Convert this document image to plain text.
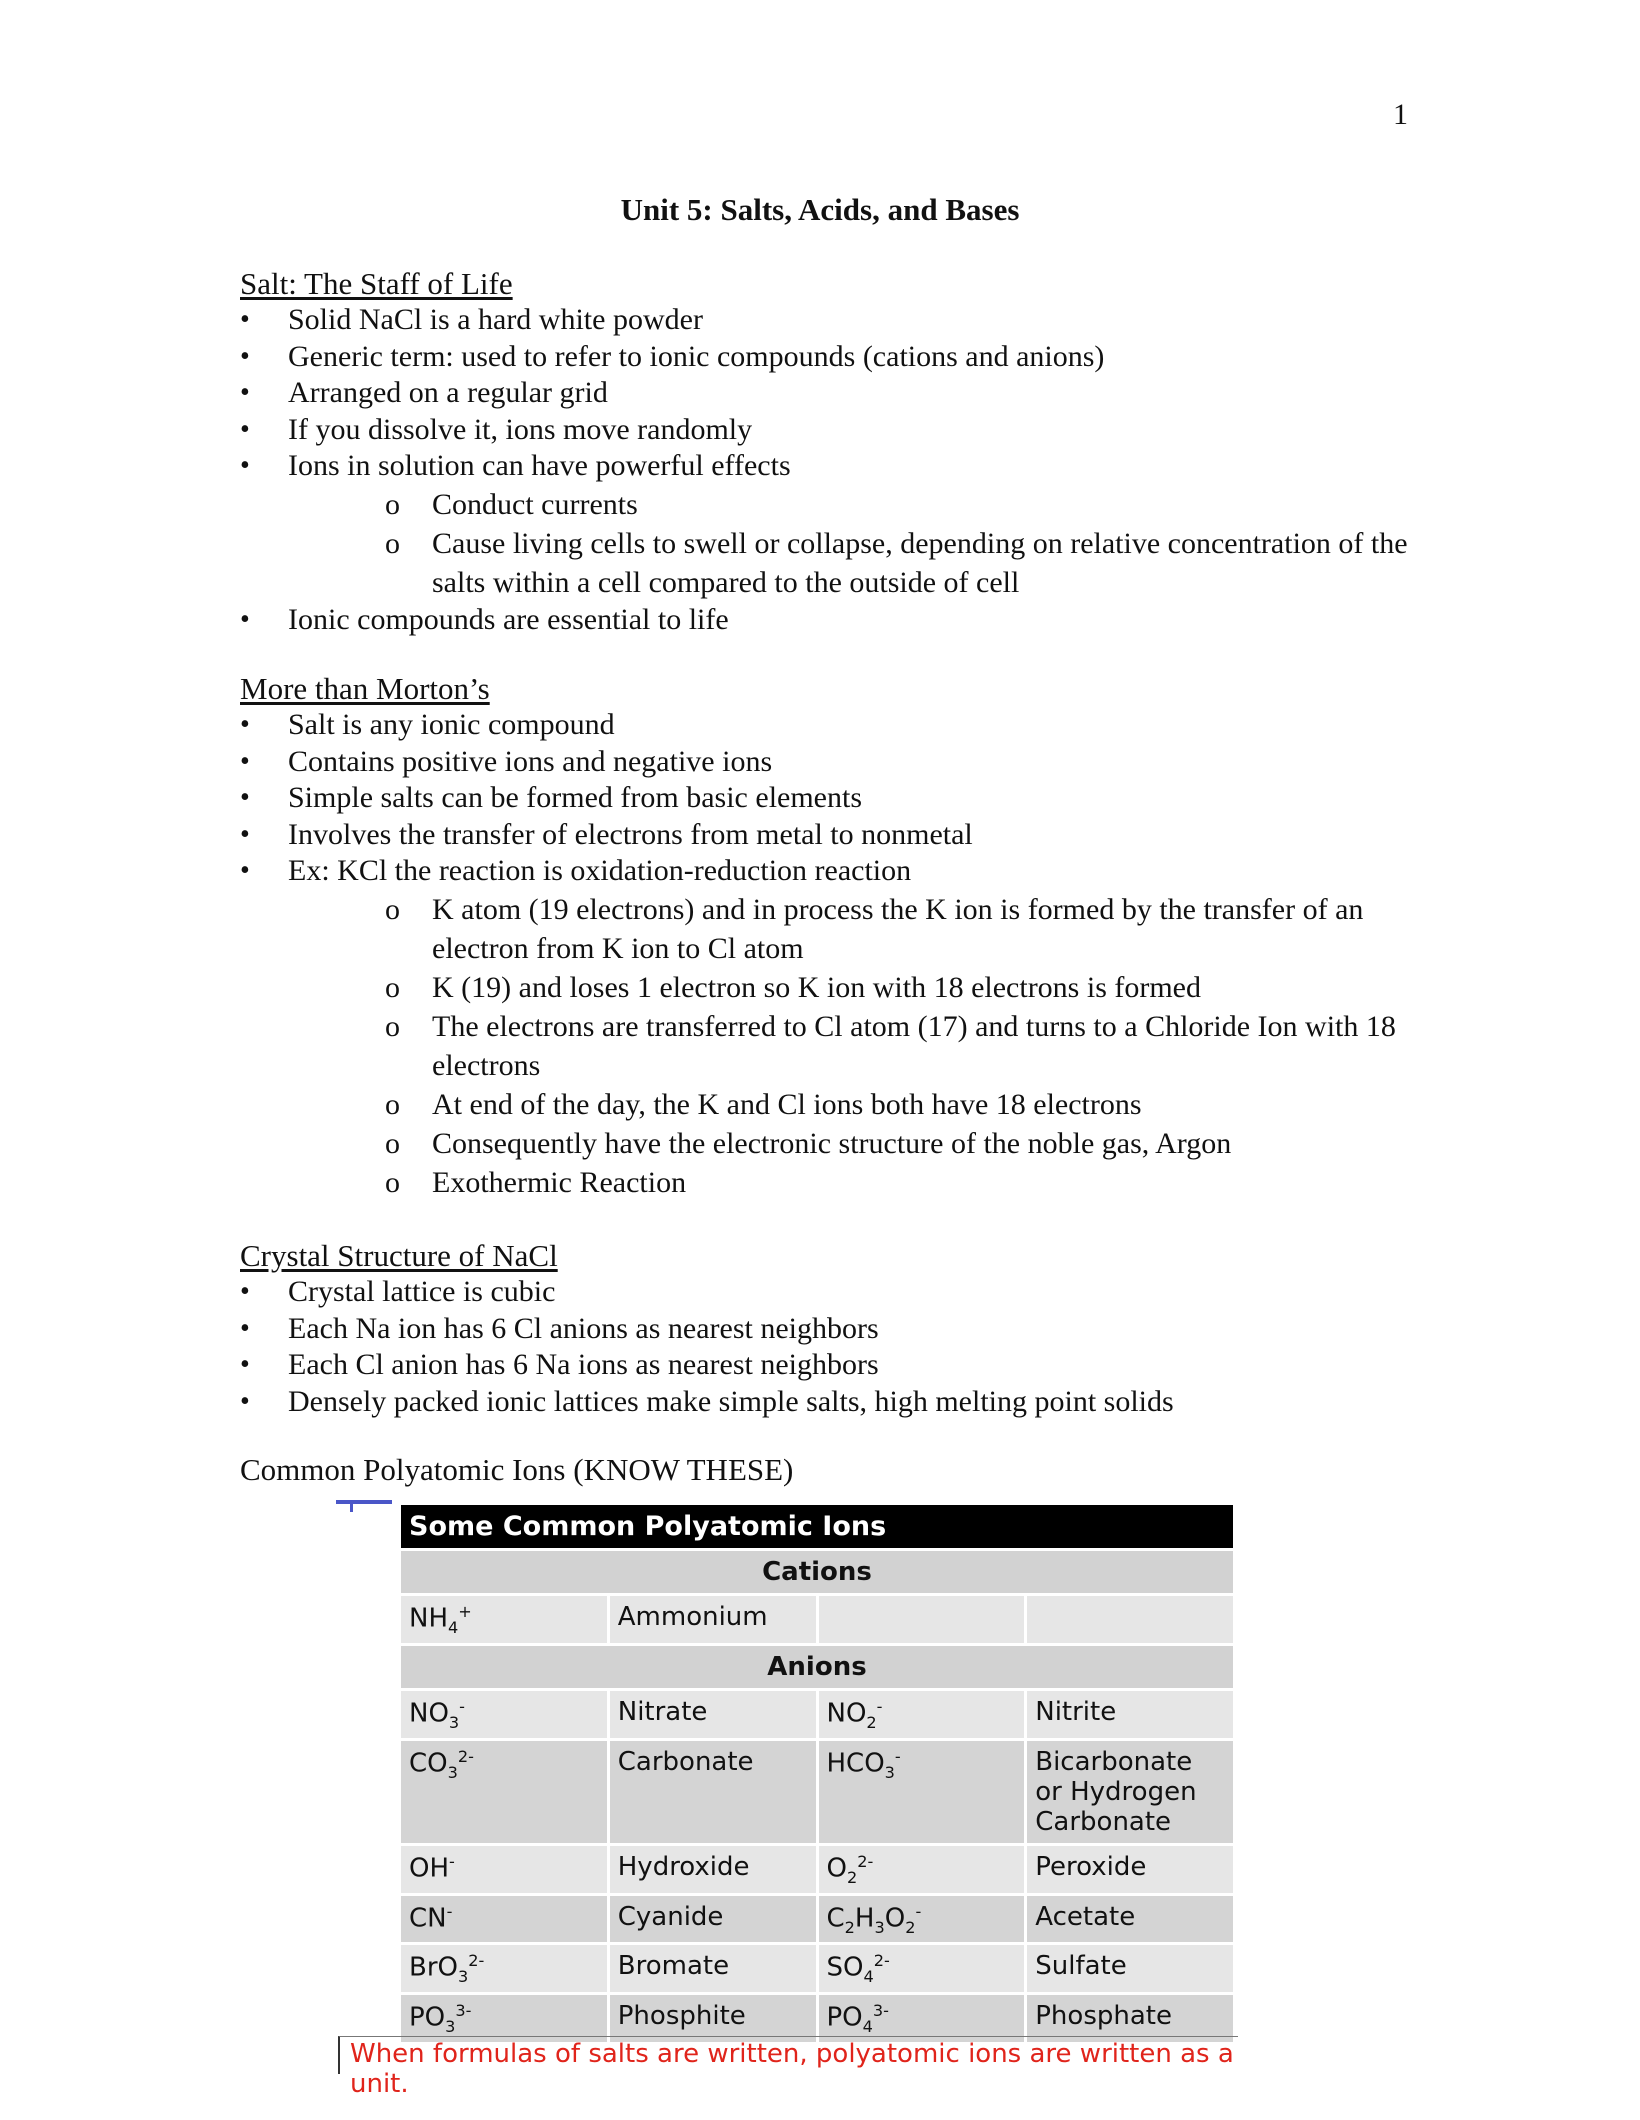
1
Unit 5: Salts, Acids, and Bases
Salt: The Staff of Life
• Solid NaCl is a hard white powder
• Generic term: used to refer to ionic compounds (cations and anions)
• Arranged on a regular grid
• If you dissolve it, ions move randomly
• Ions in solution can have powerful effects
o Conduct currents
o Cause living cells to swell or collapse, depending on relative concentration of the salts within a cell compared to the outside of cell
• Ionic compounds are essential to life
More than Morton’s
• Salt is any ionic compound
• Contains positive ions and negative ions
• Simple salts can be formed from basic elements
• Involves the transfer of electrons from metal to nonmetal
• Ex: KCl the reaction is oxidation-reduction reaction
o K atom (19 electrons) and in process the K ion is formed by the transfer of an electron from K ion to Cl atom
o K (19) and loses 1 electron so K ion with 18 electrons is formed
o The electrons are transferred to Cl atom (17) and turns to a Chloride Ion with 18 electrons
o At end of the day, the K and Cl ions both have 18 electrons
o Consequently have the electronic structure of the noble gas, Argon
o Exothermic Reaction
Crystal Structure of NaCl
• Crystal lattice is cubic
• Each Na ion has 6 Cl anions as nearest neighbors
• Each Cl anion has 6 Na ions as nearest neighbors
• Densely packed ionic lattices make simple salts, high melting point solids
Common Polyatomic Ions (KNOW THESE)
Some Common Polyatomic Ions			
Cations			
$NH_4^+$	Ammonium		
Anions			
$NO_3^-$	Nitrate	$NO_2^-$	Nitrite
$CO_3^{2-}$	Carbonate	$HCO_3^-$	Bicarbonate or Hydrogen Carbonate
OH-	Hydroxide	$O_2^{2-}$	Peroxide
CN-	Cyanide	$C_2H_3O_2^-$	Acetate
BrO$_3^{2-}$	Bromate	$SO_4^{2-}$	Sulfate
$PO_3^{3-}$	Phosphite	$PO_4^{3-}$	Phosphate
When formulas of salts are written, polyatomic ions are written as a unit.
